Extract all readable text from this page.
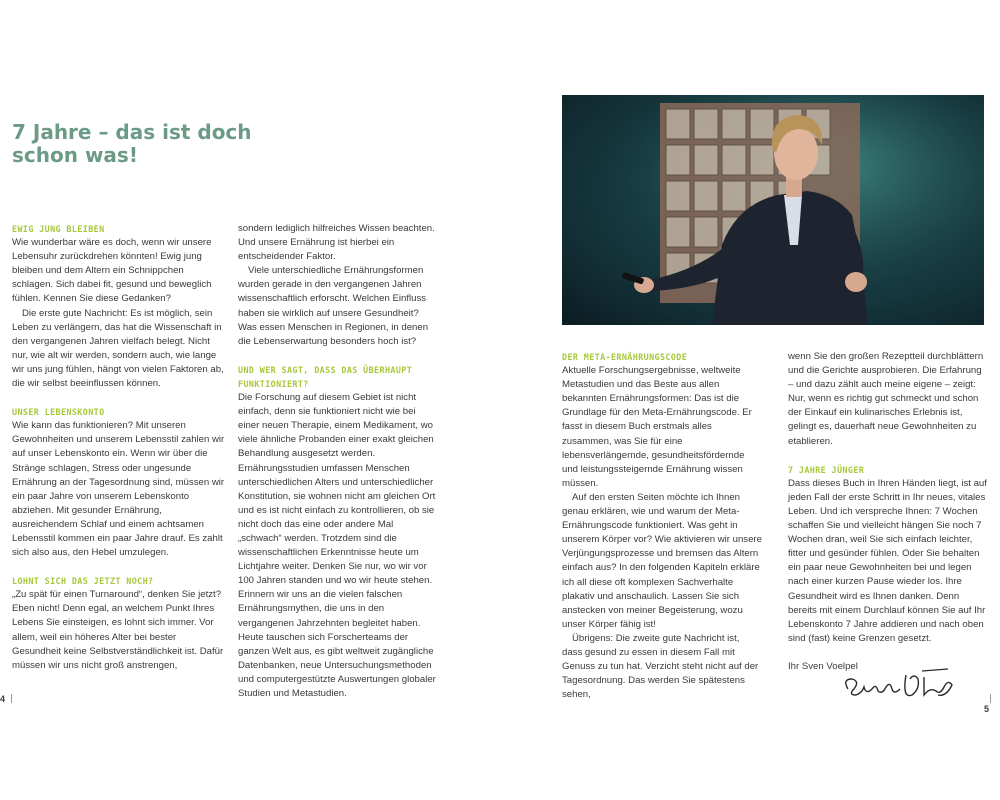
7 Jahre – das ist doch schon was!
EWIG JUNG BLEIBEN

Wie wunderbar wäre es doch, wenn wir unsere Lebensuhr zurückdrehen könnten! Ewig jung bleiben und dem Altern ein Schnippchen schlagen. Sich dabei fit, gesund und beweglich fühlen. Kennen Sie diese Gedanken?

Die erste gute Nachricht: Es ist möglich, sein Leben zu verlängern, das hat die Wissenschaft in den vergangenen Jahren vielfach belegt. Nicht nur, wie alt wir werden, sondern auch, wie lange wir uns jung fühlen, hängt von vielen Faktoren ab, die wir selbst beeinflussen können.

UNSER LEBENSKONTO

Wie kann das funktionieren? Mit unseren Gewohnheiten und unserem Lebensstil zahlen wir auf unser Lebenskonto ein. Wenn wir über die Stränge schlagen, Stress oder ungesunde Ernährung an der Tagesordnung sind, müssen wir ein paar Jahre von unserem Lebenskonto abziehen. Mit gesunder Ernährung, ausreichendem Schlaf und einem achtsamen Lebensstil kommen ein paar Jahre drauf. Es zahlt sich also aus, den Hebel umzulegen.

LOHNT SICH DAS JETZT NOCH?

„Zu spät für einen Turnaround“, denken Sie jetzt? Eben nicht! Denn egal, an welchem Punkt Ihres Lebens Sie einsteigen, es lohnt sich immer. Vor allem, weil ein höheres Alter bei bester Gesundheit keine Selbstverständlichkeit ist. Dafür müssen wir uns nicht groß anstrengen,

sondern lediglich hilfreiches Wissen beachten. Und unsere Ernährung ist hierbei ein entscheidender Faktor.

Viele unterschiedliche Ernährungsformen wurden gerade in den vergangenen Jahren wissenschaftlich erforscht. Welchen Einfluss haben sie wirklich auf unsere Gesundheit? Was essen Menschen in Regionen, in denen die Lebenserwartung besonders hoch ist?

UND WER SAGT, DASS DAS ÜBERHAUPT FUNKTIONIERT?

Die Forschung auf diesem Gebiet ist nicht einfach, denn sie funktioniert nicht wie bei einer neuen Therapie, einem Medikament, wo viele ähnliche Probanden einer exakt gleichen Behandlung ausgesetzt werden. Ernährungsstudien umfassen Menschen unterschiedlichen Alters und unterschiedlicher Konstitution, sie wohnen nicht am gleichen Ort und es ist nicht einfach zu kontrollieren, ob sie nicht doch das eine oder andere Mal „schwach“ werden. Trotzdem sind die wissenschaftlichen Erkenntnisse heute um Lichtjahre weiter. Denken Sie nur, wo wir vor 100 Jahren standen und wo wir heute stehen. Erinnern wir uns an die vielen falschen Ernährungsmythen, die uns in den vergangenen Jahrzehnten begleitet haben. Heute tauschen sich Forscherteams der ganzen Welt aus, es gibt weltweit zugängliche Datenbanken, neue Untersuchungsmethoden und computergestützte Auswertungen globaler Studien und Metastudien.

4
DER META-ERNÄHRUNGSCODE

Aktuelle Forschungsergebnisse, weltweite Metastudien und das Beste aus allen bekannten Ernährungsformen: Das ist die Grundlage für den Meta-Ernährungscode. Er fasst in diesem Buch erstmals alles zusammen, was Sie für eine lebensverlängernde, gesundheitsfördernde und leistungssteigernde Ernährung wissen müssen.

Auf den ersten Seiten möchte ich Ihnen genau erklären, wie und warum der Meta-Ernährungscode funktioniert. Was geht in unserem Körper vor? Wie aktivieren wir unsere Verjüngungsprozesse und bremsen das Altern einfach aus? In den folgenden Kapiteln erkläre ich all diese oft komplexen Sachverhalte plakativ und anschaulich. Lassen Sie sich anstecken von meiner Begeisterung, wozu unser Körper fähig ist!

Übrigens: Die zweite gute Nachricht ist, dass gesund zu essen in diesem Fall mit Genuss zu tun hat. Verzicht steht nicht auf der Tagesordnung. Das werden Sie spätestens sehen,

wenn Sie den großen Rezeptteil durchblättern und die Gerichte ausprobieren. Die Erfahrung – und dazu zählt auch meine eigene – zeigt: Nur, wenn es richtig gut schmeckt und schon der Einkauf ein kulinarisches Erlebnis ist, gelingt es, dauerhaft neue Gewohnheiten zu etablieren.

7 JAHRE JÜNGER

Dass dieses Buch in Ihren Händen liegt, ist auf jeden Fall der erste Schritt in Ihr neues, vitales Leben. Und ich verspreche Ihnen: 7 Wochen schaffen Sie und vielleicht hängen Sie noch 7 Wochen dran, weil Sie sich einfach leichter, fitter und gesünder fühlen. Oder Sie behalten ein paar neue Gewohnheiten bei und legen nach einer kurzen Pause wieder los. Ihre Gesundheit wird es Ihnen danken. Denn bereits mit einem Durchlauf können Sie auf Ihr Lebenskonto 7 Jahre addieren und nach oben sind (fast) keine Grenzen gesetzt.

Ihr Sven Voelpel

5
